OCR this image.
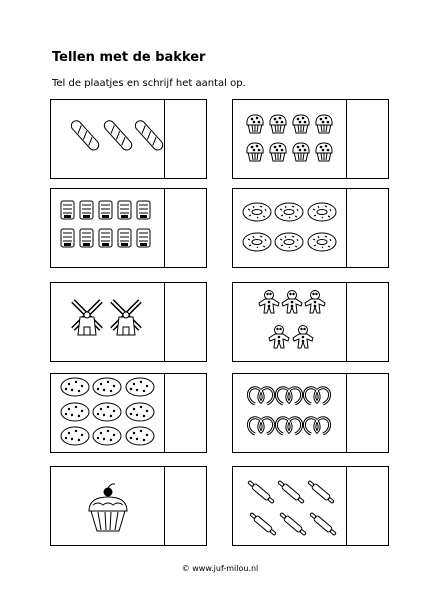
Tellen met de bakker
Tel de plaatjes en schrijf het aantal op.
© www.juf-milou.nl
